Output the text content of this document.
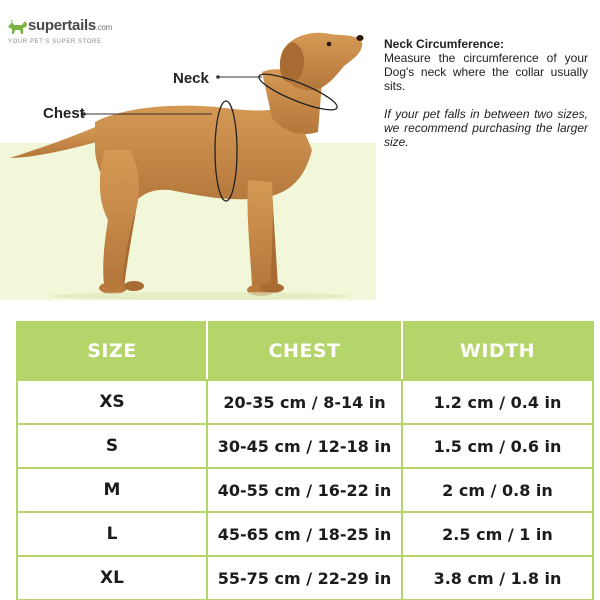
supertails.com
YOUR PET'S SUPER STORE
Neck
Chest
Neck Circumference:
Measure the circumference of your Dog's neck where the collar usually sits.
If your pet falls in between two sizes, we recommend purchasing the larger size.
SIZE	CHEST	WIDTH
XS	20-35 cm / 8-14 in	1.2 cm / 0.4 in
S	30-45 cm / 12-18 in	1.5 cm / 0.6 in
M	40-55 cm / 16-22 in	2 cm / 0.8 in
L	45-65 cm / 18-25 in	2.5 cm / 1 in
XL	55-75 cm / 22-29 in	3.8 cm / 1.8 in
